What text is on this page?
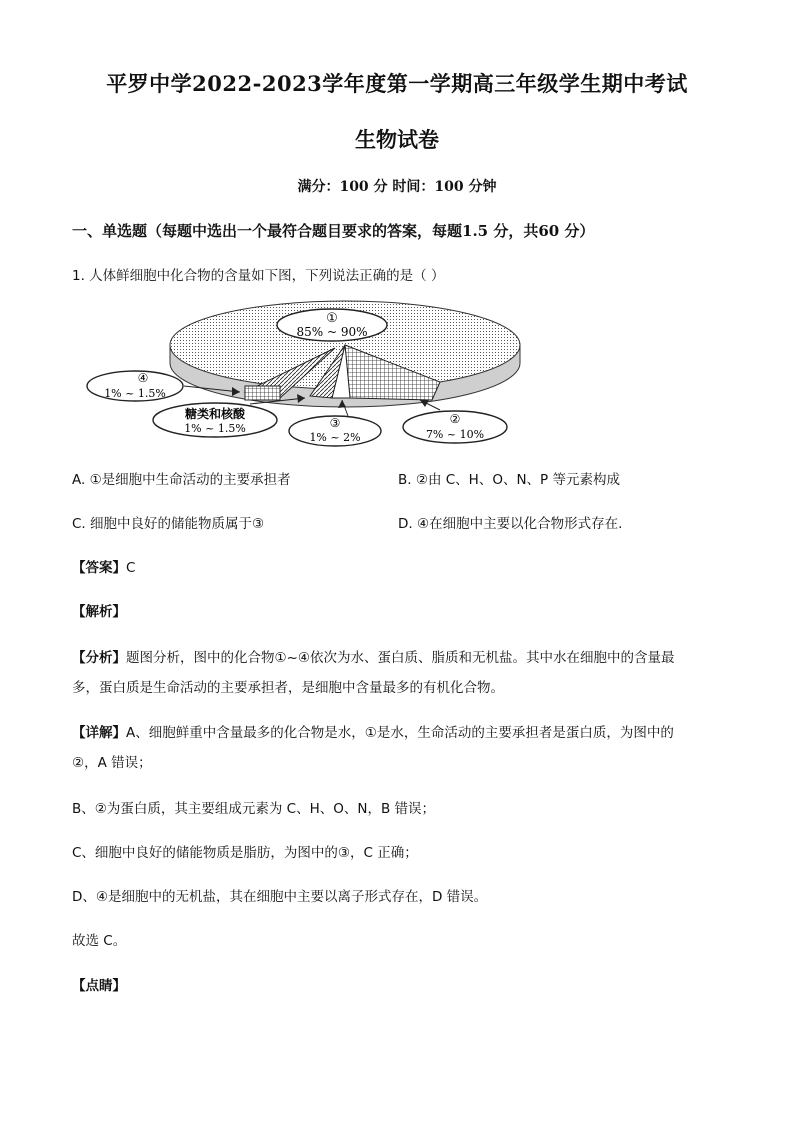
平罗中学2022-2023学年度第一学期高三年级学生期中考试
生物试卷
满分：100 分 时间：100 分钟
一、单选题（每题中选出一个最符合题目要求的答案，每题1.5 分，共60 分）
1. 人体鲜细胞中化合物的含量如下图，下列说法正确的是（ ）
①
85% ~ 90%
④
1% ~ 1.5%
糖类和核酸
1% ~ 1.5%	③
1% ~ 2%
②
7% ~ 10%
A. ①是细胞中生命活动的主要承担者	B. ②由 C、H、O、N、P 等元素构成
C. 细胞中良好的储能物质属于③	D. ④在细胞中主要以化合物形式存在.
【答案】C
【解析】
【分析】题图分析，图中的化合物①~④依次为水、蛋白质、脂质和无机盐。其中水在细胞中的含量最
多，蛋白质是生命活动的主要承担者，是细胞中含量最多的有机化合物。
【详解】A、细胞鲜重中含量最多的化合物是水，①是水，生命活动的主要承担者是蛋白质，为图中的
②，A 错误；
B、②为蛋白质，其主要组成元素为 C、H、O、N，B 错误；
C、细胞中良好的储能物质是脂肪，为图中的③，C 正确；
D、④是细胞中的无机盐，其在细胞中主要以离子形式存在，D 错误。
故选 C。
【点睛】
